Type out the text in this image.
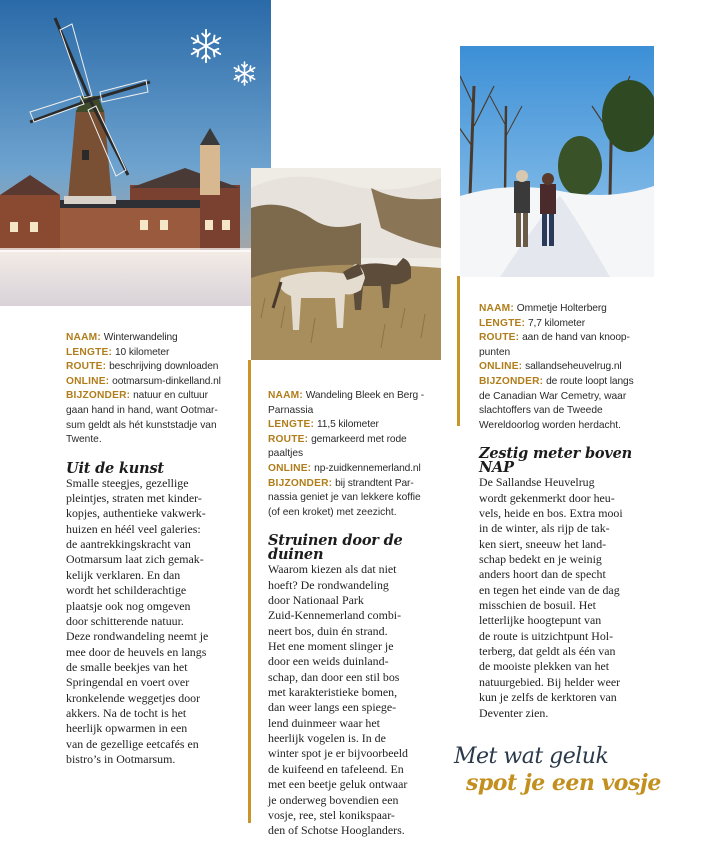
NAAM: Winterwandeling
LENGTE: 10 kilometer
ROUTE: beschrijving downloaden
ONLINE: ootmarsum-dinkelland.nl
BIJZONDER: natuur en cultuur
gaan hand in hand, want Ootmar-
sum geldt als hét kunststadje van
Twente.
Uit de kunst
Smalle steegjes, gezellige
pleintjes, straten met kinder-
kopjes, authentieke vakwerk-
huizen en héél veel galeries:
de aantrekkingskracht van
Ootmarsum laat zich gemak-
kelijk verklaren. En dan
wordt het schilderachtige
plaatsje ook nog omgeven
door schitterende natuur.
Deze rondwandeling neemt je
mee door de heuvels en langs
de smalle beekjes van het
Springendal en voert over
kronkelende weggetjes door
akkers. Na de tocht is het
heerlijk opwarmen in een
van de gezellige eetcafés en
bistro’s in Ootmarsum.
NAAM: Wandeling Bleek en Berg -
Parnassia
LENGTE: 11,5 kilometer
ROUTE: gemarkeerd met rode
paaltjes
ONLINE: np-zuidkennemerland.nl
BIJZONDER: bij strandtent Par-
nassia geniet je van lekkere koffie
(of een kroket) met zeezicht.
Struinen door de
duinen
Waarom kiezen als dat niet
hoeft? De rondwandeling
door Nationaal Park
Zuid-Kennemerland combi-
neert bos, duin én strand.
Het ene moment slinger je
door een weids duinland-
schap, dan door een stil bos
met karakteristieke bomen,
dan weer langs een spiege-
lend duinmeer waar het
heerlijk vogelen is. In de
winter spot je er bijvoorbeeld
de kuifeend en tafeleend. En
met een beetje geluk ontwaar
je onderweg bovendien een
vosje, ree, stel konikspaar-
den of Schotse Hooglanders.
NAAM: Ommetje Holterberg
LENGTE: 7,7 kilometer
ROUTE: aan de hand van knoop-
punten
ONLINE: sallandseheuvelrug.nl
BIJZONDER: de route loopt langs
de Canadian War Cemetry, waar
slachtoffers van de Tweede
Wereldoorlog worden herdacht.
Zestig meter boven
NAP
De Sallandse Heuvelrug
wordt gekenmerkt door heu-
vels, heide en bos. Extra mooi
in de winter, als rijp de tak-
ken siert, sneeuw het land-
schap bedekt en je weinig
anders hoort dan de specht
en tegen het einde van de dag
misschien de bosuil. Het
letterlijke hoogtepunt van
de route is uitzichtpunt Hol-
terberg, dat geldt als één van
de mooiste plekken van het
natuurgebied. Bij helder weer
kun je zelfs de kerktoren van
Deventer zien.
Met wat geluk
spot je een vosje
